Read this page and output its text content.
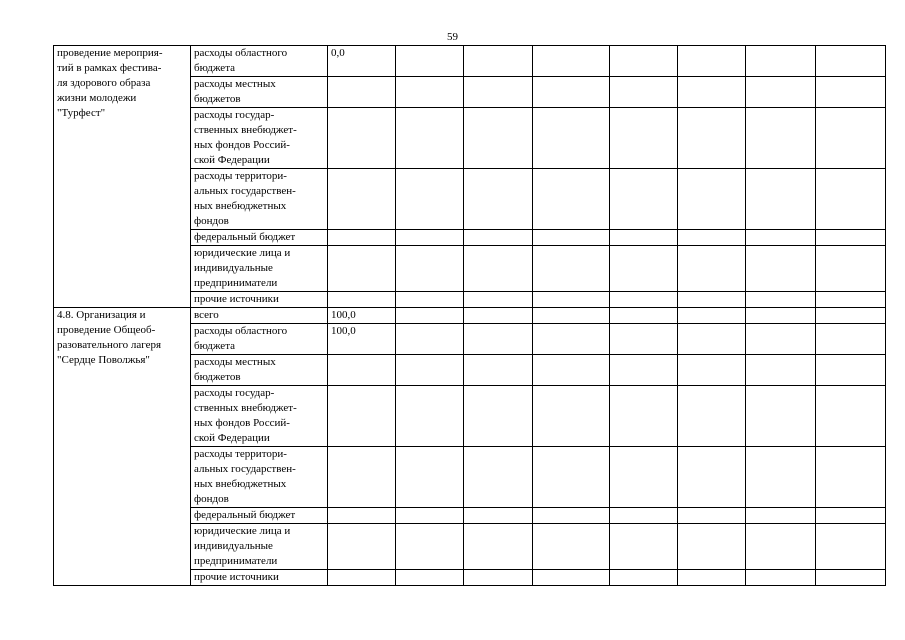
59
проведение мероприя-
тий в рамках фестива-
ля здорового образа
жизни молодежи
"Турфест"	расходы областного
бюджета	0,0							
	расходы местных
бюджетов								
	расходы государ-
ственных внебюджет-
ных фондов Россий-
ской Федерации								
	расходы территори-
альных государствен-
ных внебюджетных
фондов								
	федеральный бюджет								
	юридические лица и
индивидуальные
предприниматели								
	прочие источники								
4.8. Организация и
проведение Общеоб-
разовательного лагеря
"Сердце Поволжья"	всего	100,0							
	расходы областного
бюджета	100,0							
	расходы местных
бюджетов								
	расходы государ-
ственных внебюджет-
ных фондов Россий-
ской Федерации								
	расходы территори-
альных государствен-
ных внебюджетных
фондов								
	федеральный бюджет								
	юридические лица и
индивидуальные
предприниматели								
	прочие источники								
